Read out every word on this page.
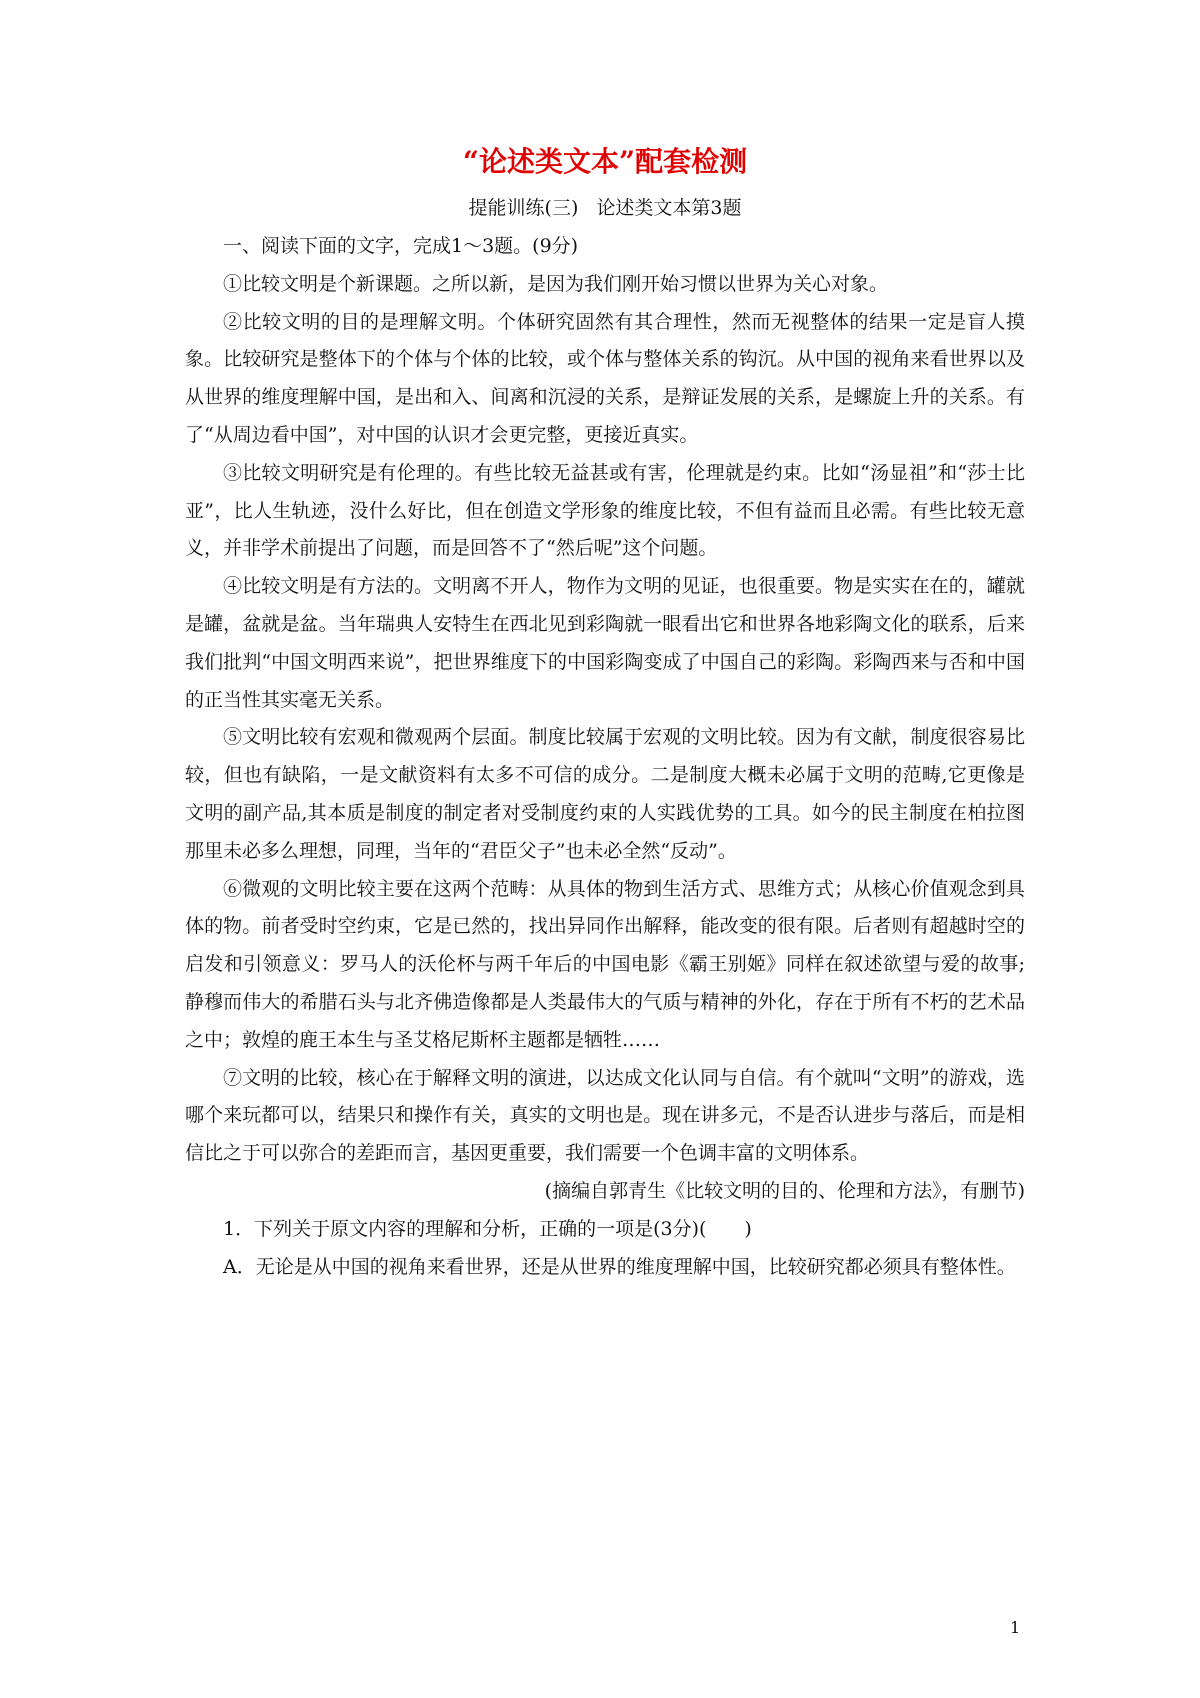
“论述类文本”配套检测
提能训练(三) 论述类文本第3题

一、阅读下面的文字，完成1～3题。(9分)

①比较文明是个新课题。之所以新，是因为我们刚开始习惯以世界为关心对象。

②比较文明的目的是理解文明。个体研究固然有其合理性，然而无视整体的结果一定是盲人摸象。比较研究是整体下的个体与个体的比较，或个体与整体关系的钩沉。从中国的视角来看世界以及从世界的维度理解中国，是出和入、间离和沉浸的关系，是辩证发展的关系，是螺旋上升的关系。有了“从周边看中国”，对中国的认识才会更完整，更接近真实。

③比较文明研究是有伦理的。有些比较无益甚或有害，伦理就是约束。比如“汤显祖”和“莎士比亚”，比人生轨迹，没什么好比，但在创造文学形象的维度比较，不但有益而且必需。有些比较无意义，并非学术前提出了问题，而是回答不了“然后呢”这个问题。

④比较文明是有方法的。文明离不开人，物作为文明的见证，也很重要。物是实实在在的，罐就是罐，盆就是盆。当年瑞典人安特生在西北见到彩陶就一眼看出它和世界各地彩陶文化的联系，后来我们批判“中国文明西来说”，把世界维度下的中国彩陶变成了中国自己的彩陶。彩陶西来与否和中国的正当性其实毫无关系。

⑤文明比较有宏观和微观两个层面。制度比较属于宏观的文明比较。因为有文献，制度很容易比较，但也有缺陷，一是文献资料有太多不可信的成分。二是制度大概未必属于文明的范畴,它更像是文明的副产品,其本质是制度的制定者对受制度约束的人实践优势的工具。如今的民主制度在柏拉图那里未必多么理想，同理，当年的“君臣父子”也未必全然“反动”。

⑥微观的文明比较主要在这两个范畴：从具体的物到生活方式、思维方式；从核心价值观念到具体的物。前者受时空约束，它是已然的，找出异同作出解释，能改变的很有限。后者则有超越时空的启发和引领意义：罗马人的沃伦杯与两千年后的中国电影《霸王别姬》同样在叙述欲望与爱的故事;静穆而伟大的希腊石头与北齐佛造像都是人类最伟大的气质与精神的外化，存在于所有不朽的艺术品之中；敦煌的鹿王本生与圣艾格尼斯杯主题都是牺牲……

⑦文明的比较，核心在于解释文明的演进，以达成文化认同与自信。有个就叫“文明”的游戏，选哪个来玩都可以，结果只和操作有关，真实的文明也是。现在讲多元，不是否认进步与落后，而是相信比之于可以弥合的差距而言，基因更重要，我们需要一个色调丰富的文明体系。

(摘编自郭青生《比较文明的目的、伦理和方法》，有删节)

1．下列关于原文内容的理解和分析，正确的一项是(3分)(　　)

A．无论是从中国的视角来看世界，还是从世界的维度理解中国，比较研究都必须具有整体性。

1
